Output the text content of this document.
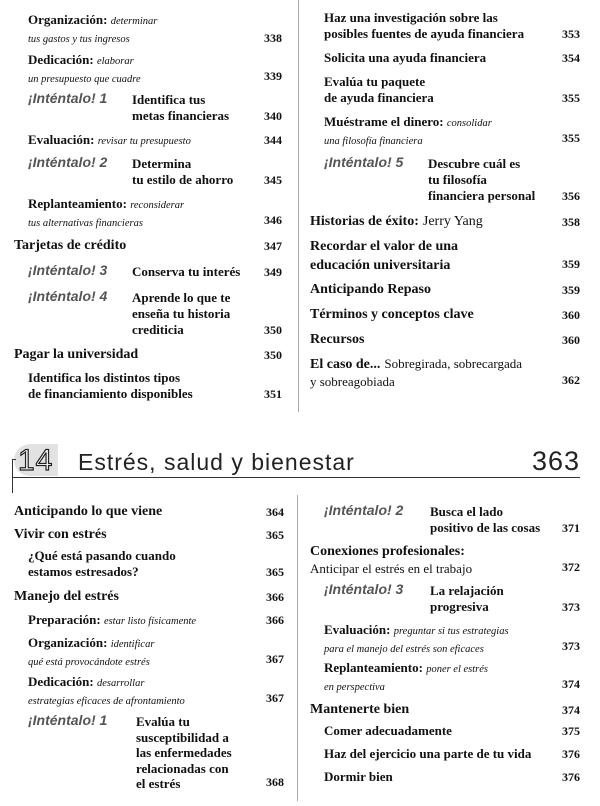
14 Estrés, salud y bienestar	363
Organización: determinar
tus gastos y tus ingresos	338
Dedicación: elaborar
un presupuesto que cuadre	339
¡Inténtalo! 1 Identifica tus
metas financieras	340
Evaluación: revisar tu presupuesto	344
¡Inténtalo! 2 Determina
tu estilo de ahorro	345
Replanteamiento: reconsiderar
tus alternativas financieras	346
Tarjetas de crédito	347
¡Inténtalo! 3 Conserva tu interés 349
¡Inténtalo! 4 Aprende lo que te
enseña tu historia
crediticia	350
Pagar la universidad	350
Identifica los distintos tipos
de financiamiento disponibles	351
Haz una investigación sobre las
posibles fuentes de ayuda financiera	353
Solicita una ayuda financiera	354
Evalúa tu paquete
de ayuda financiera	355
Muéstrame el dinero: consolidar
una filosofía financiera	355
¡Inténtalo! 5 Descubre cuál es
tu filosofía
financiera personal 356
Historias de éxito: Jerry Yang	358
Recordar el valor de una
educación universitaria	359
Anticipando Repaso	359
Términos y conceptos clave	360
Recursos	360
El caso de... Sobregirada, sobrecargada
y sobreagobiada	362
Anticipando lo que viene	364
Vivir con estrés	365
¿Qué está pasando cuando
estamos estresados?	365
Manejo del estrés	366
Preparación: estar listo físicamente	366
Organización: identificar
qué está provocándote estrés	367
Dedicación: desarrollar
estrategias eficaces de afrontamiento	367
¡Inténtalo! 1 Evalúa tu
susceptibilidad a
las enfermedades
relacionadas con
el estrés	368
¡Inténtalo! 2 Busca el lado
positivo de las cosas 371
Conexiones profesionales:
Anticipar el estrés en el trabajo	372
¡Inténtalo! 3 La relajación
progresiva	373
Evaluación: preguntar si tus estrategias
para el manejo del estrés son eficaces	373
Replanteamiento: poner el estrés
en perspectiva	374
Mantenerte bien	374
Comer adecuadamente	375
Haz del ejercicio una parte de tu vida	376
Dormir bien	376
